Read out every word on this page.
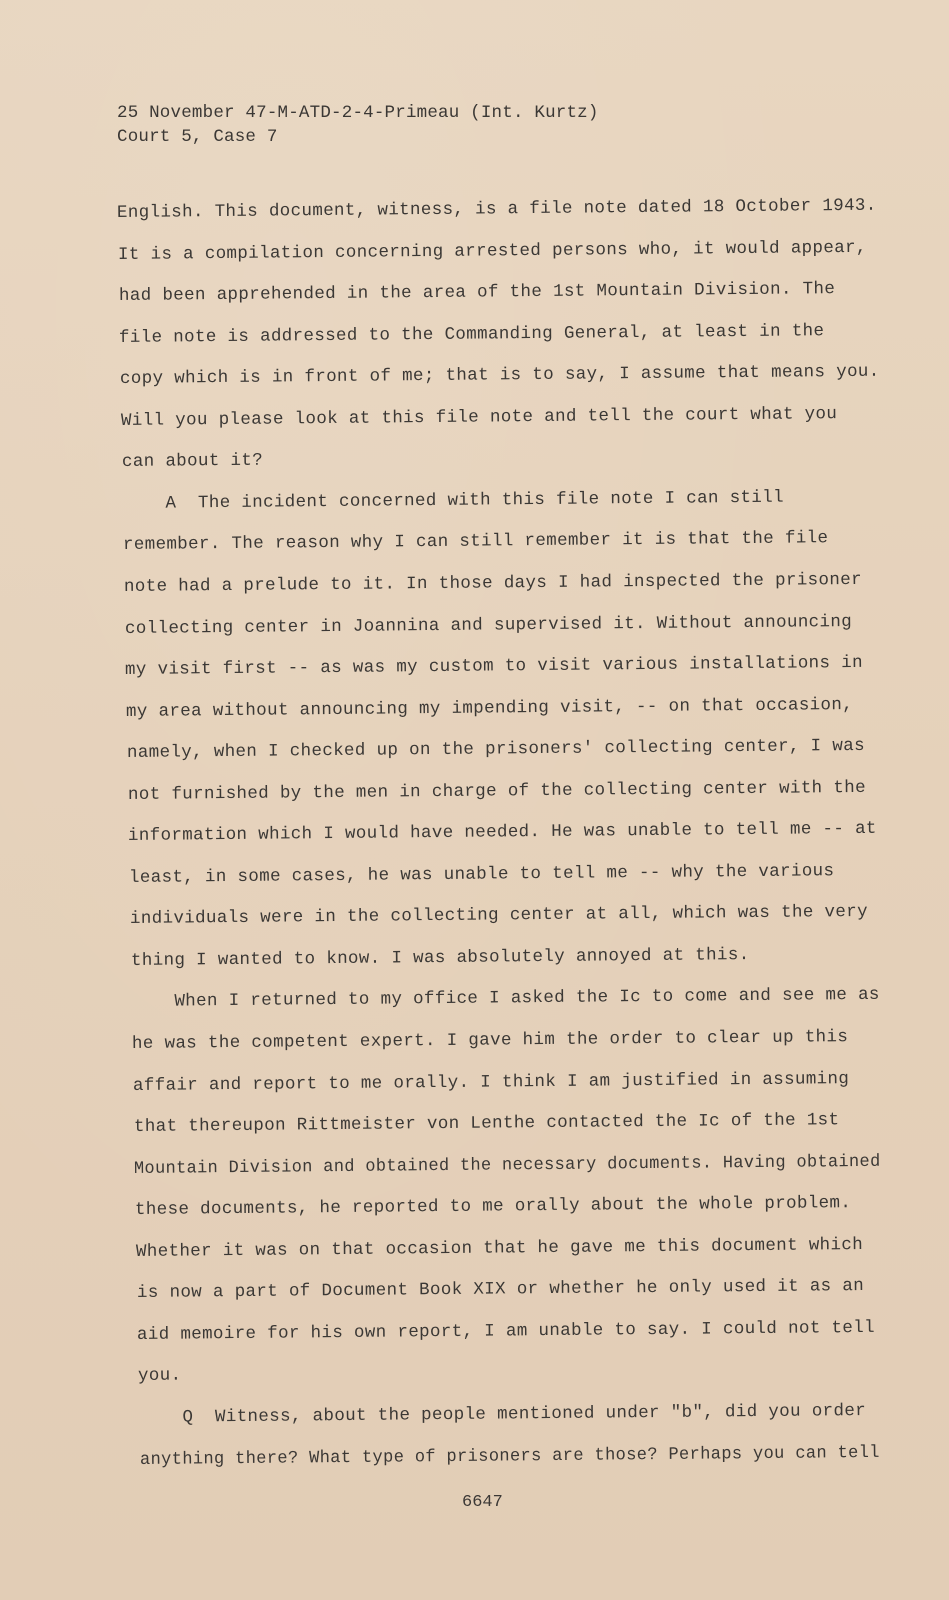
25 November 47-M-ATD-2-4-Primeau (Int. Kurtz)
Court 5, Case 7
English. This document, witness, is a file note dated 18 October 1943.
It is a compilation concerning arrested persons who, it would appear,
had been apprehended in the area of the 1st Mountain Division. The
file note is addressed to the Commanding General, at least in the
copy which is in front of me; that is to say, I assume that means you.
Will you please look at this file note and tell the court what you
can about it?
A  The incident concerned with this file note I can still
remember. The reason why I can still remember it is that the file
note had a prelude to it. In those days I had inspected the prisoner
collecting center in Joannina and supervised it. Without announcing
my visit first -- as was my custom to visit various installations in
my area without announcing my impending visit, -- on that occasion,
namely, when I checked up on the prisoners' collecting center, I was
not furnished by the men in charge of the collecting center with the
information which I would have needed. He was unable to tell me -- at
least, in some cases, he was unable to tell me -- why the various
individuals were in the collecting center at all, which was the very
thing I wanted to know. I was absolutely annoyed at this.
When I returned to my office I asked the Ic to come and see me as
he was the competent expert. I gave him the order to clear up this
affair and report to me orally. I think I am justified in assuming
that thereupon Rittmeister von Lenthe contacted the Ic of the 1st
Mountain Division and obtained the necessary documents. Having obtained
these documents, he reported to me orally about the whole problem.
Whether it was on that occasion that he gave me this document which
is now a part of Document Book XIX or whether he only used it as an
aid memoire for his own report, I am unable to say. I could not tell
you.
Q  Witness, about the people mentioned under "b", did you order
anything there? What type of prisoners are those? Perhaps you can tell
6647
